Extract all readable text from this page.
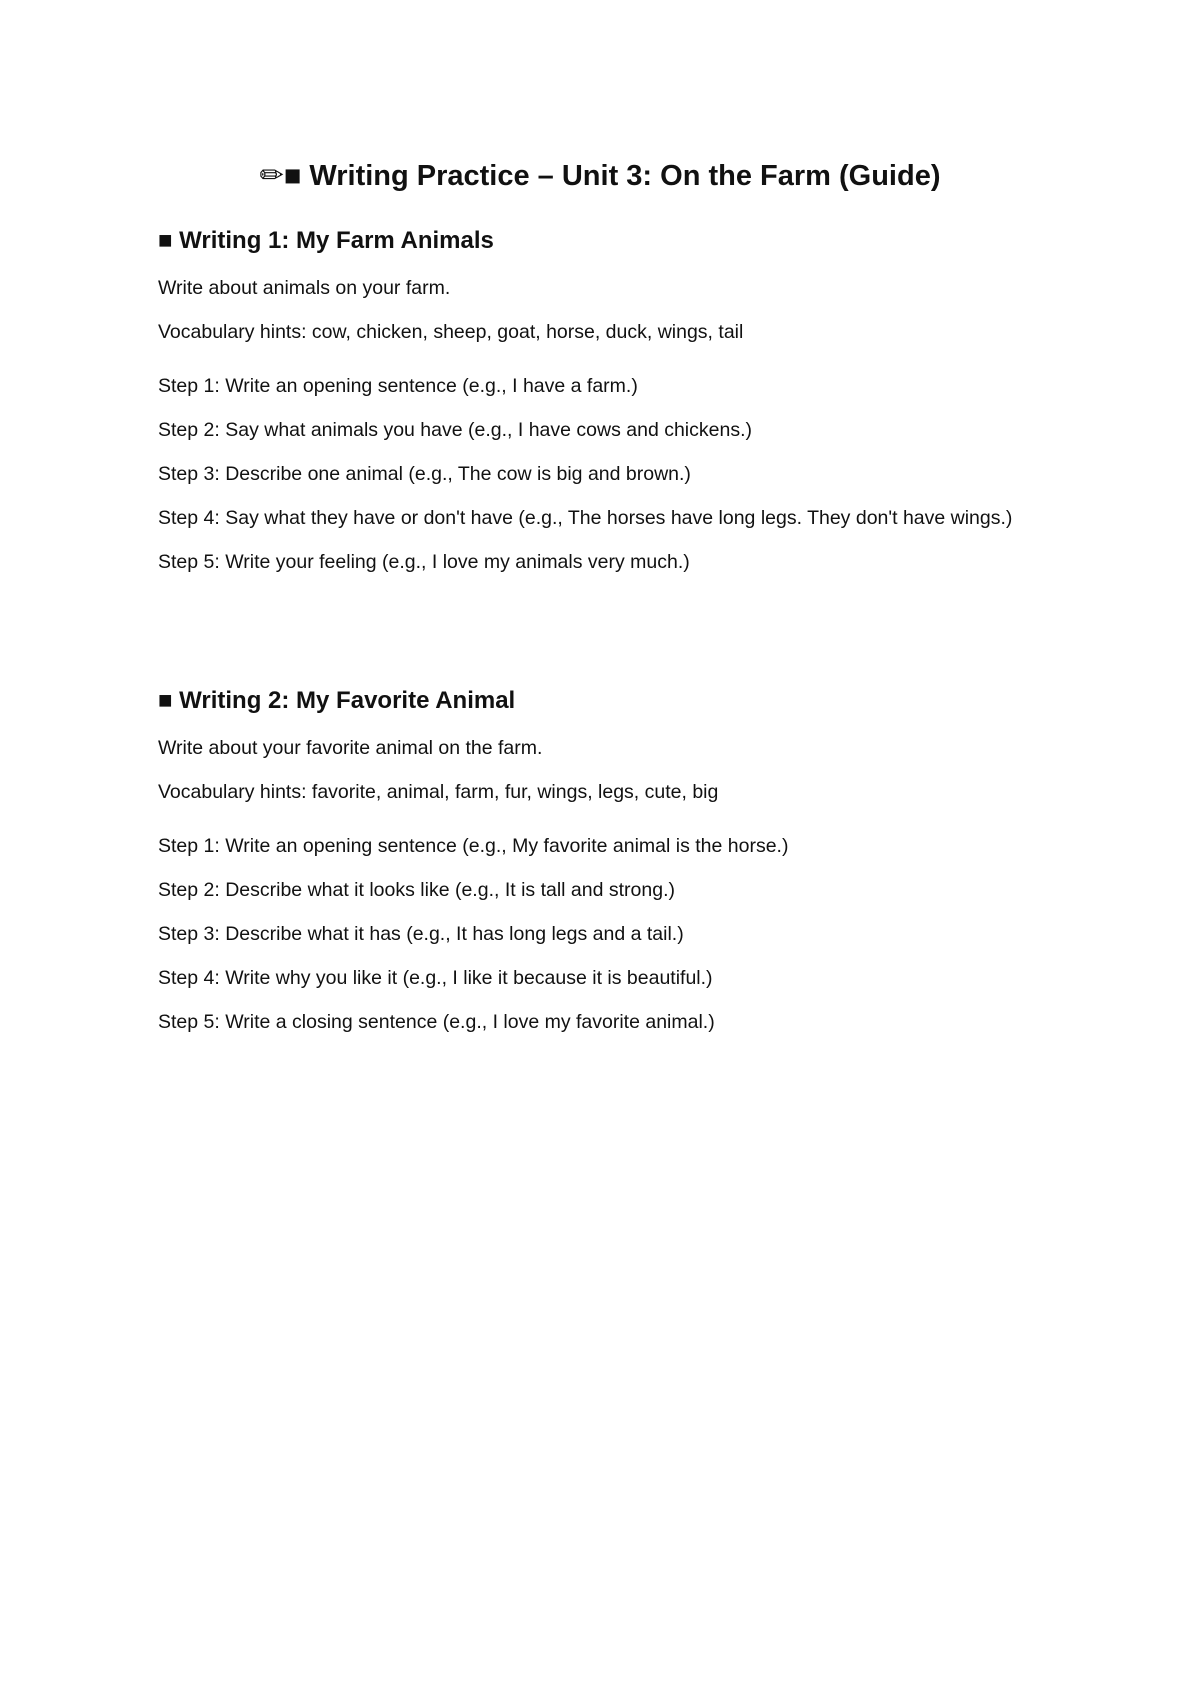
✏■ Writing Practice – Unit 3: On the Farm (Guide)
■ Writing 1: My Farm Animals

Write about animals on your farm.

Vocabulary hints: cow, chicken, sheep, goat, horse, duck, wings, tail

Step 1: Write an opening sentence (e.g., I have a farm.)
Step 2: Say what animals you have (e.g., I have cows and chickens.)
Step 3: Describe one animal (e.g., The cow is big and brown.)
Step 4: Say what they have or don't have (e.g., The horses have long legs. They don't have wings.)
Step 5: Write your feeling (e.g., I love my animals very much.)
■ Writing 2: My Favorite Animal

Write about your favorite animal on the farm.

Vocabulary hints: favorite, animal, farm, fur, wings, legs, cute, big

Step 1: Write an opening sentence (e.g., My favorite animal is the horse.)
Step 2: Describe what it looks like (e.g., It is tall and strong.)
Step 3: Describe what it has (e.g., It has long legs and a tail.)
Step 4: Write why you like it (e.g., I like it because it is beautiful.)
Step 5: Write a closing sentence (e.g., I love my favorite animal.)
